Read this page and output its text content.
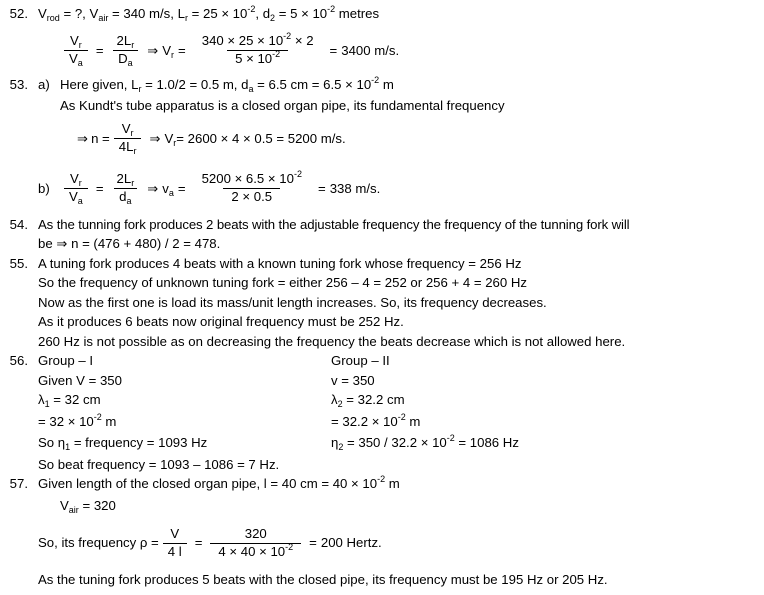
52. $V_{rod}$ = ?, $V_{air} = 340$ m/s, $L_r = 25 \times 10^{-2}$, $d_2 = 5 \times 10^{-2}$ metres
$\frac{V_r}{V_a} = \frac{2L_r}{D_a}$ ⇒ $V_r = \frac{340 \times 25 \times 10^{-2} \times 2}{5 \times 10^{-2}} = 3400$ m/s.
53. a) Here given, $L_r = 1.0/2 = 0.5$ m, $d_a = 6.5$ cm = $6.5 \times 10^{-2}$ m
As Kundt's tube apparatus is a closed organ pipe, its fundamental frequency
⇒ $n = \frac{V_r}{4L_r}$ ⇒ $V_r = 2600 \times 4 \times 0.5 = 5200$ m/s.
b)	$\frac{V_r}{V_a} = \frac{2L_r}{d_a}$ ⇒ $v_a = \frac{5200 \times 6.5 \times 10^{-2}}{2 \times 0.5} = 338$ m/s.
54. As the tunning fork produces 2 beats with the adjustable frequency the frequency of the tunning fork will
be ⇒ n = (476 + 480) / 2 = 478.
55. A tuning fork produces 4 beats with a known tuning fork whose frequency = 256 Hz
So the frequency of unknown tuning fork = either 256 – 4 = 252 or 256 + 4 = 260 Hz
Now as the first one is load its mass/unit length increases. So, its frequency decreases.
As it produces 6 beats now original frequency must be 252 Hz.
260 Hz is not possible as on decreasing the frequency the beats decrease which is not allowed here.
56. Group – I
Given V = 350
$\lambda_1 = 32$ cm
= $32 \times 10^{-2}$ m
So $\eta_1$ = frequency = 1093 Hz
Group – II
v = 350
$\lambda_2 = 32.2$ cm
= $32.2 \times 10^{-2}$ m
$\eta_2 = 350 / 32.2 \times 10^{-2} = 1086$ Hz
So beat frequency = 1093 – 1086 = 7 Hz.
57. Given length of the closed organ pipe, l = 40 cm = $40 \times 10^{-2}$ m
$V_{air} = 320$
So, its frequency $\rho = \frac{V}{4 l} = \frac{320}{4 \times 40 \times 10^{-2}} = 200$ Hertz.
As the tuning fork produces 5 beats with the closed pipe, its frequency must be 195 Hz or 205 Hz.
